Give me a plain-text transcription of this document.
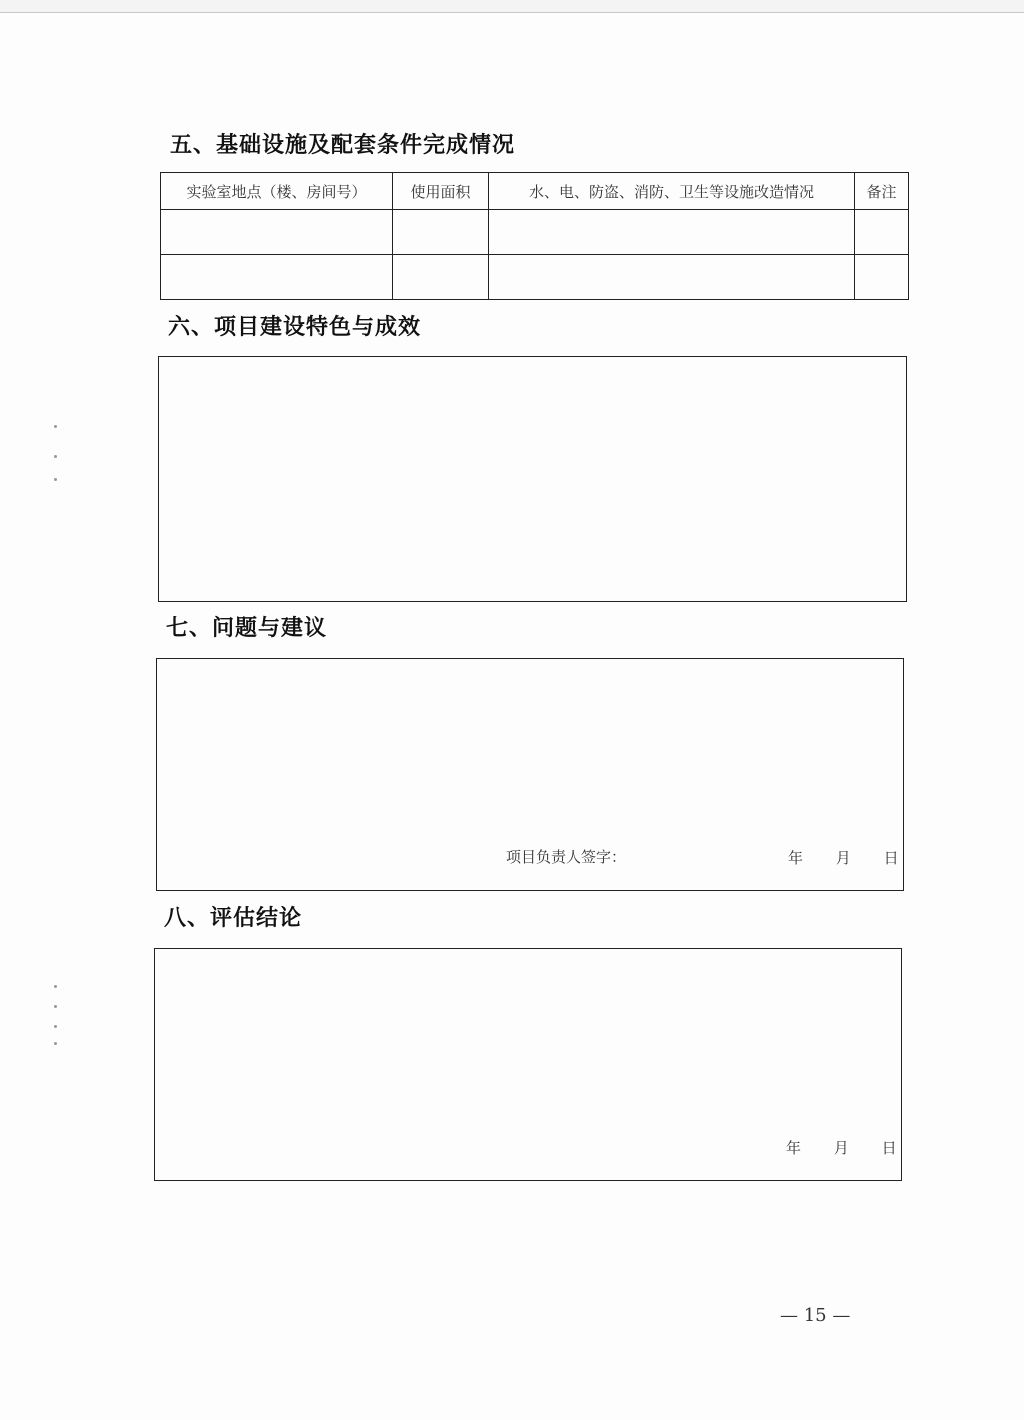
五、基础设施及配套条件完成情况
实验室地点（楼、房间号）	使用面积	水、电、防盗、消防、卫生等设施改造情况	备注

六、项目建设特色与成效
七、问题与建议
项目负责人签字：	年 月 日
八、评估结论
年 月 日
— 15 —
